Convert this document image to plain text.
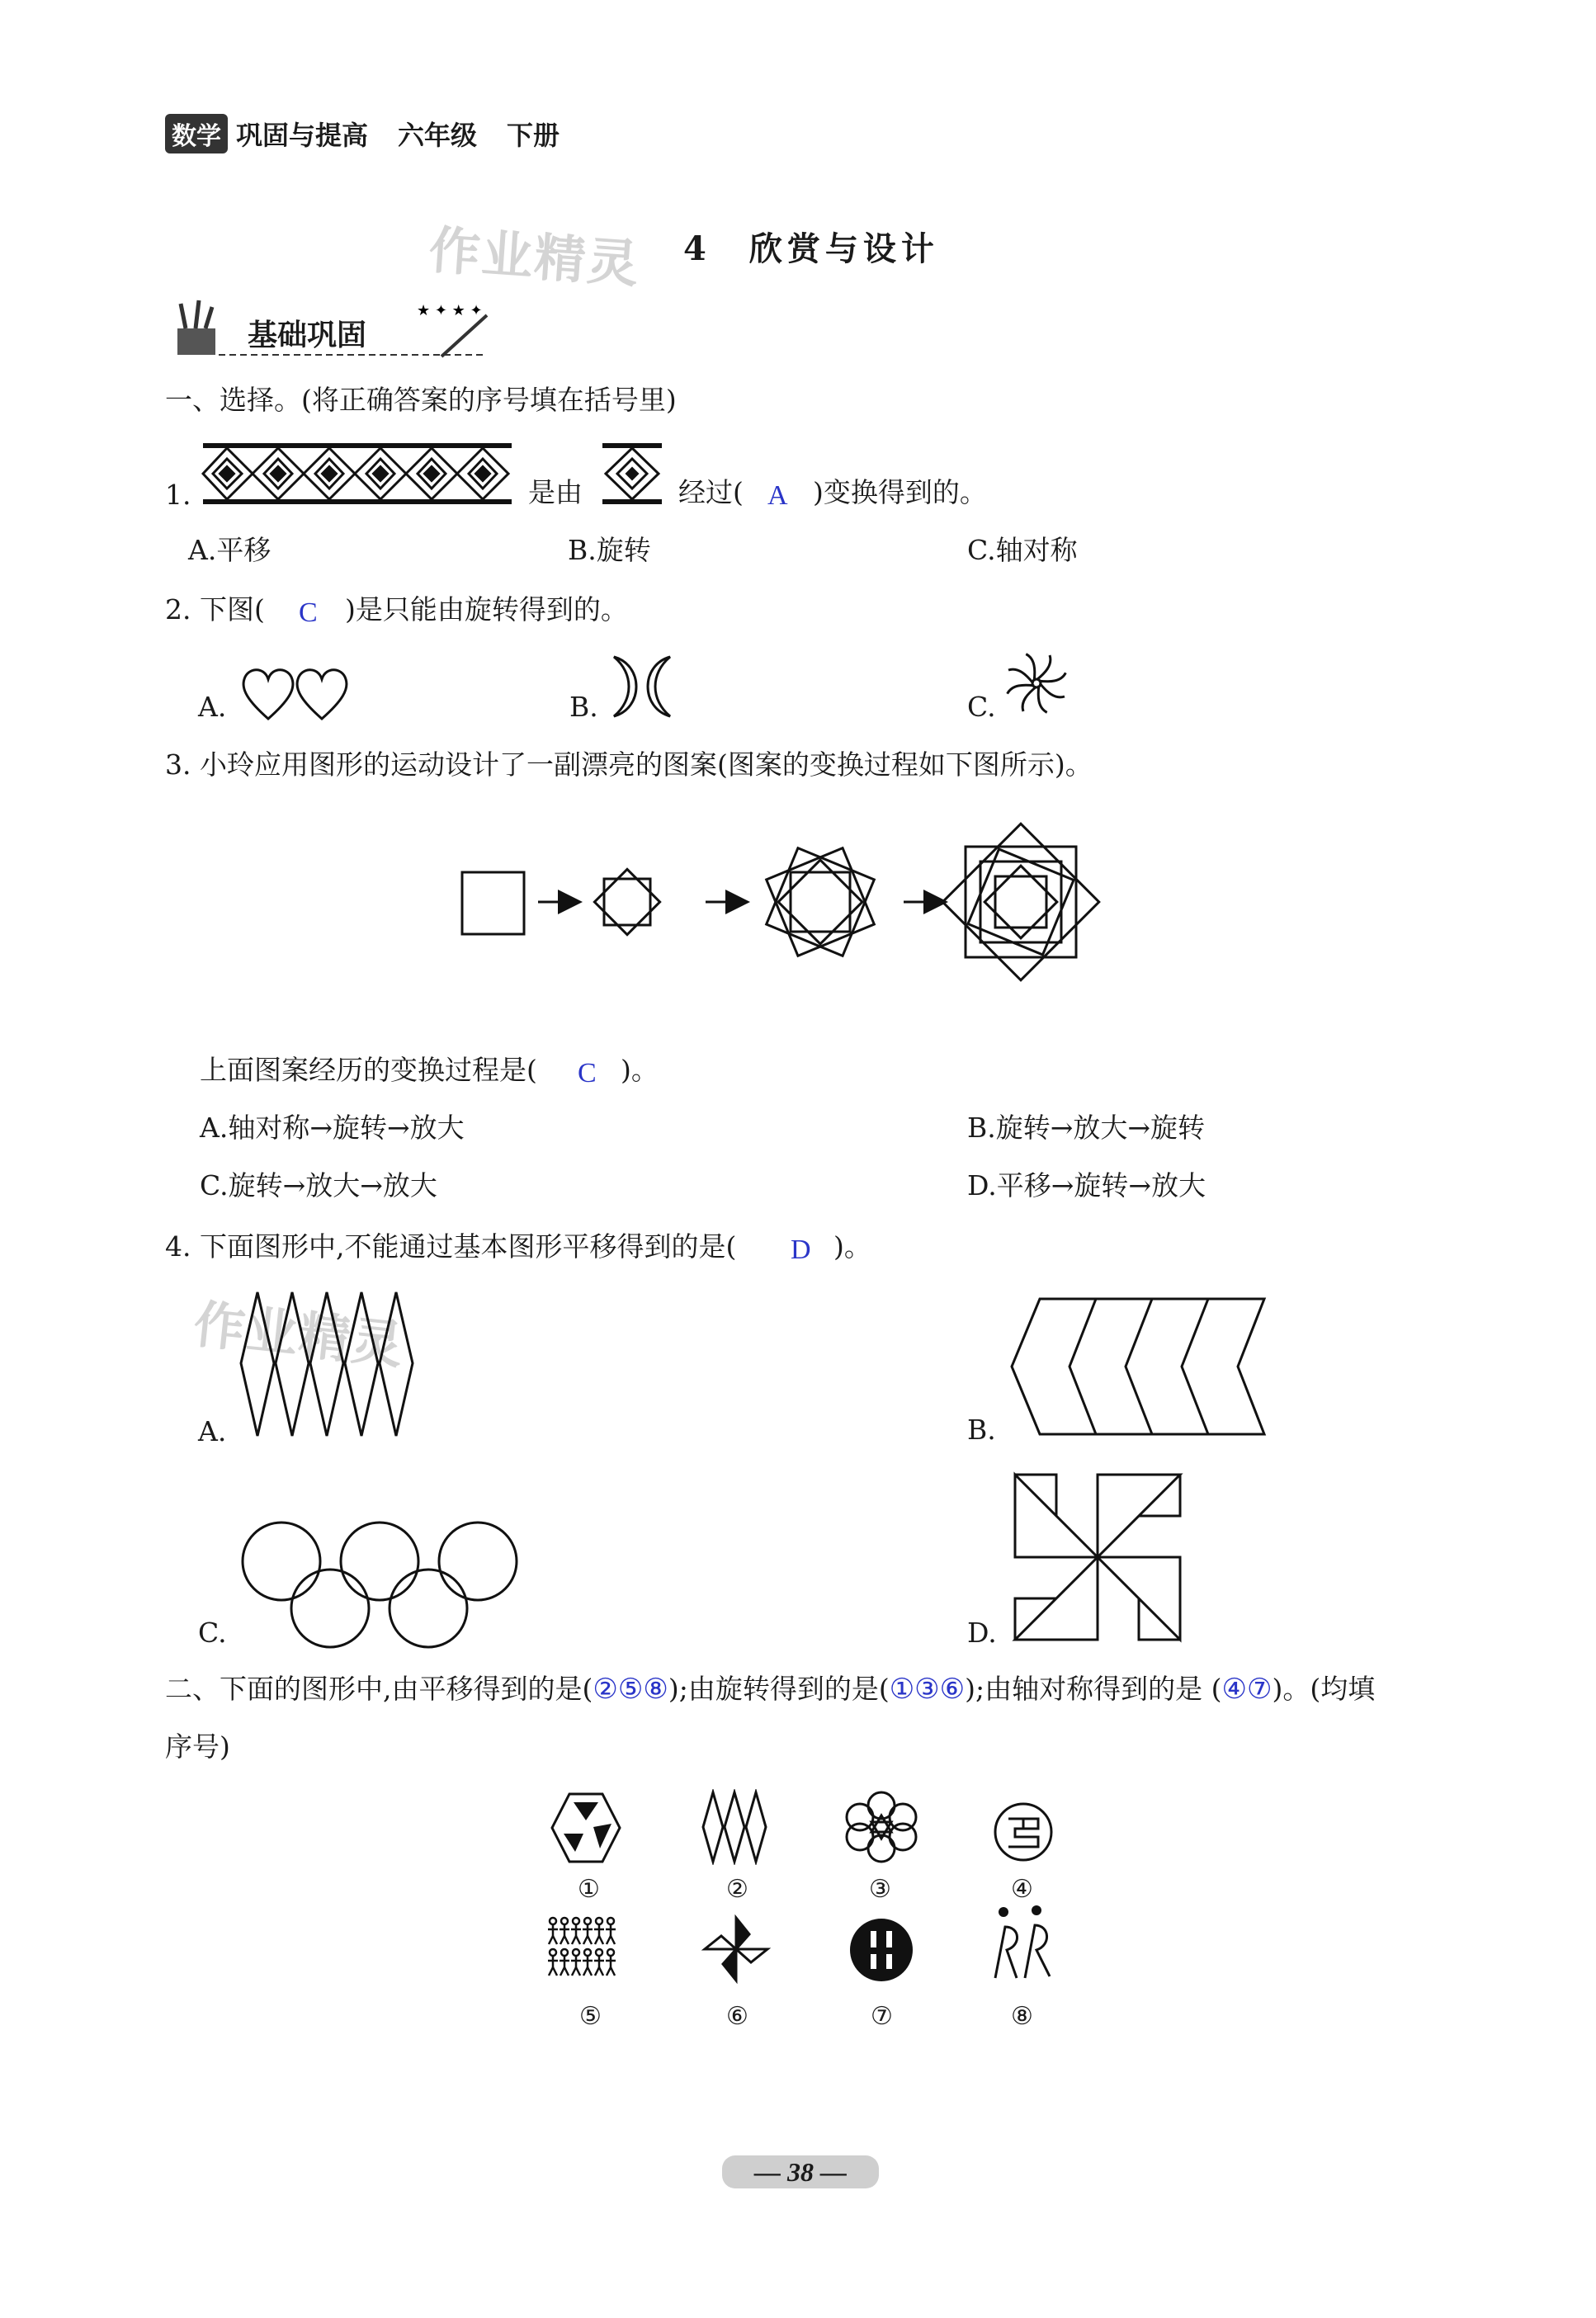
数学 巩固与提高 六年级 下册
作业精灵 4　欣赏与设计
★ ✦ ★ ✦
基础巩固
一、选择。(将正确答案的序号填在括号里)
1.	是由	经过( A )变换得到的。
A.平移	B.旋转	C.轴对称
2. 下图( C )是只能由旋转得到的。
A.	B.	C.
3. 小玲应用图形的运动设计了一副漂亮的图案(图案的变换过程如下图所示)。
上面图案经历的变换过程是( C )。
A.轴对称→旋转→放大	B.旋转→放大→旋转
C.旋转→放大→放大	D.平移→旋转→放大
4. 下面图形中,不能通过基本图形平移得到的是( D )。
作业精灵
A.	B.
C.	D.
二、下面的图形中,由平移得到的是( ②⑤⑧ );由旋转得到的是( ①③⑥ );由轴对称得到的是 ( ④⑦ )。(均填
序号)
①	②	③	④
⑤	⑥	⑦	⑧
— 38 —
